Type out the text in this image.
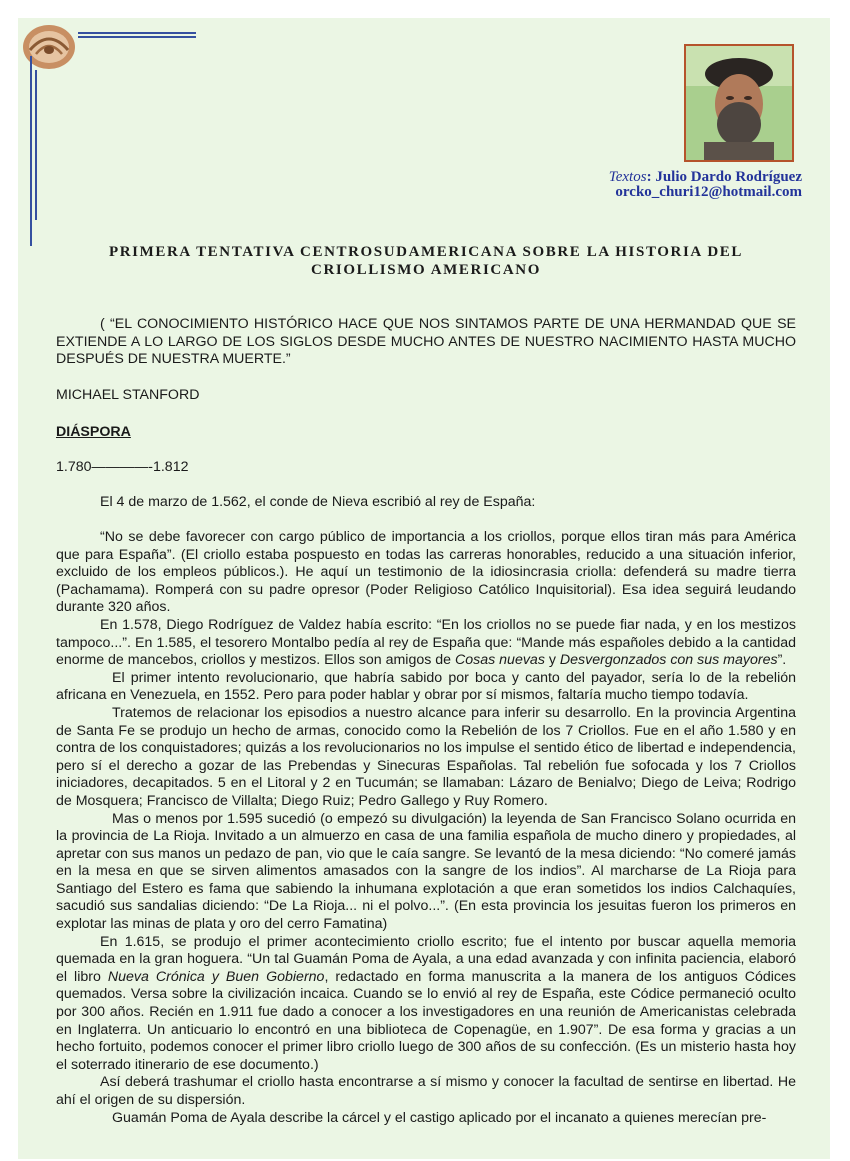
Textos: Julio Dardo Rodríguez
orcko_churi12@hotmail.com
PRIMERA TENTATIVA CENTROSUDAMERICANA SOBRE LA HISTORIA DEL
CRIOLLISMO AMERICANO
( “EL CONOCIMIENTO HISTÓRICO HACE QUE NOS SINTAMOS PARTE DE UNA HERMANDAD QUE SE EXTIENDE A LO LARGO DE LOS SIGLOS DESDE MUCHO ANTES DE NUESTRO NACIMIENTO HASTA MUCHO DESPUÉS DE NUESTRA MUERTE.”
MICHAEL STANFORD
DIÁSPORA
1.780————-1.812
El 4 de marzo de 1.562, el conde de Nieva escribió al rey de España:

“No se debe favorecer con cargo público de importancia a los criollos, porque ellos tiran más para América que para España”. (El criollo estaba pospuesto en todas las carreras honorables, reducido a una situación inferior, excluido de los empleos públicos.). He aquí un testimonio de la idiosincrasia criolla: defenderá su madre tierra (Pachamama). Romperá con su padre opresor (Poder Religioso Católico Inquisitorial). Esa idea seguirá leudando durante 320 años.

En 1.578, Diego Rodríguez de Valdez había escrito: “En los criollos no se puede fiar nada, y en los mestizos tampoco...”. En 1.585, el tesorero Montalbo pedía al rey de España que: “Mande más españoles debido a la cantidad enorme de mancebos, criollos y mestizos. Ellos son amigos de Cosas nuevas y Desvergonzados con sus mayores”.

El primer intento revolucionario, que habría sabido por boca y canto del payador, sería lo de la rebelión africana en Venezuela, en 1552. Pero para poder hablar y obrar por sí mismos, faltaría mucho tiempo todavía.

Tratemos de relacionar los episodios a nuestro alcance para inferir su desarrollo. En la provincia Argentina de Santa Fe se produjo un hecho de armas, conocido como la Rebelión de los 7 Criollos. Fue en el año 1.580 y en contra de los conquistadores; quizás a los revolucionarios no los impulse el sentido ético de libertad e independencia, pero sí el derecho a gozar de las Prebendas y Sinecuras Españolas. Tal rebelión fue sofocada y los 7 Criollos iniciadores, decapitados. 5 en el Litoral y 2 en Tucumán; se llamaban: Lázaro de Benialvo; Diego de Leiva; Rodrigo de Mosquera; Francisco de Villalta; Diego Ruiz; Pedro Gallego y Ruy Romero.

Mas o menos por 1.595 sucedió (o empezó su divulgación) la leyenda de San Francisco Solano ocurrida en la provincia de La Rioja. Invitado a un almuerzo en casa de una familia española de mucho dinero y propiedades, al apretar con sus manos un pedazo de pan, vio que le caía sangre. Se levantó de la mesa diciendo: “No comeré jamás en la mesa en que se sirven alimentos amasados con la sangre de los indios”. Al marcharse de La Rioja para Santiago del Estero es fama que sabiendo la inhumana explotación a que eran sometidos los indios Calchaquíes, sacudió sus sandalias diciendo: “De La Rioja... ni el polvo...”. (En esta provincia los jesuitas fueron los primeros en explotar las minas de plata y oro del cerro Famatina)

En 1.615, se produjo el primer acontecimiento criollo escrito; fue el intento por buscar aquella memoria quemada en la gran hoguera. “Un tal Guamán Poma de Ayala, a una edad avanzada y con infinita paciencia, elaboró el libro Nueva Crónica y Buen Gobierno, redactado en forma manuscrita a la manera de los antiguos Códices quemados. Versa sobre la civilización incaica. Cuando se lo envió al rey de España, este Códice permaneció oculto por 300 años. Recién en 1.911 fue dado a conocer a los investigadores en una reunión de Americanistas celebrada en Inglaterra. Un anticuario lo encontró en una biblioteca de Copenagüe, en 1.907”. De esa forma y gracias a un hecho fortuito, podemos conocer el primer libro criollo luego de 300 años de su confección. (Es un misterio hasta hoy el soterrado itinerario de ese documento.)

Así deberá trashumar el criollo hasta encontrarse a sí mismo y conocer la facultad de sentirse en libertad. He ahí el origen de su dispersión.

Guamán Poma de Ayala describe la cárcel y el castigo aplicado por el incanato a quienes merecían pre-
